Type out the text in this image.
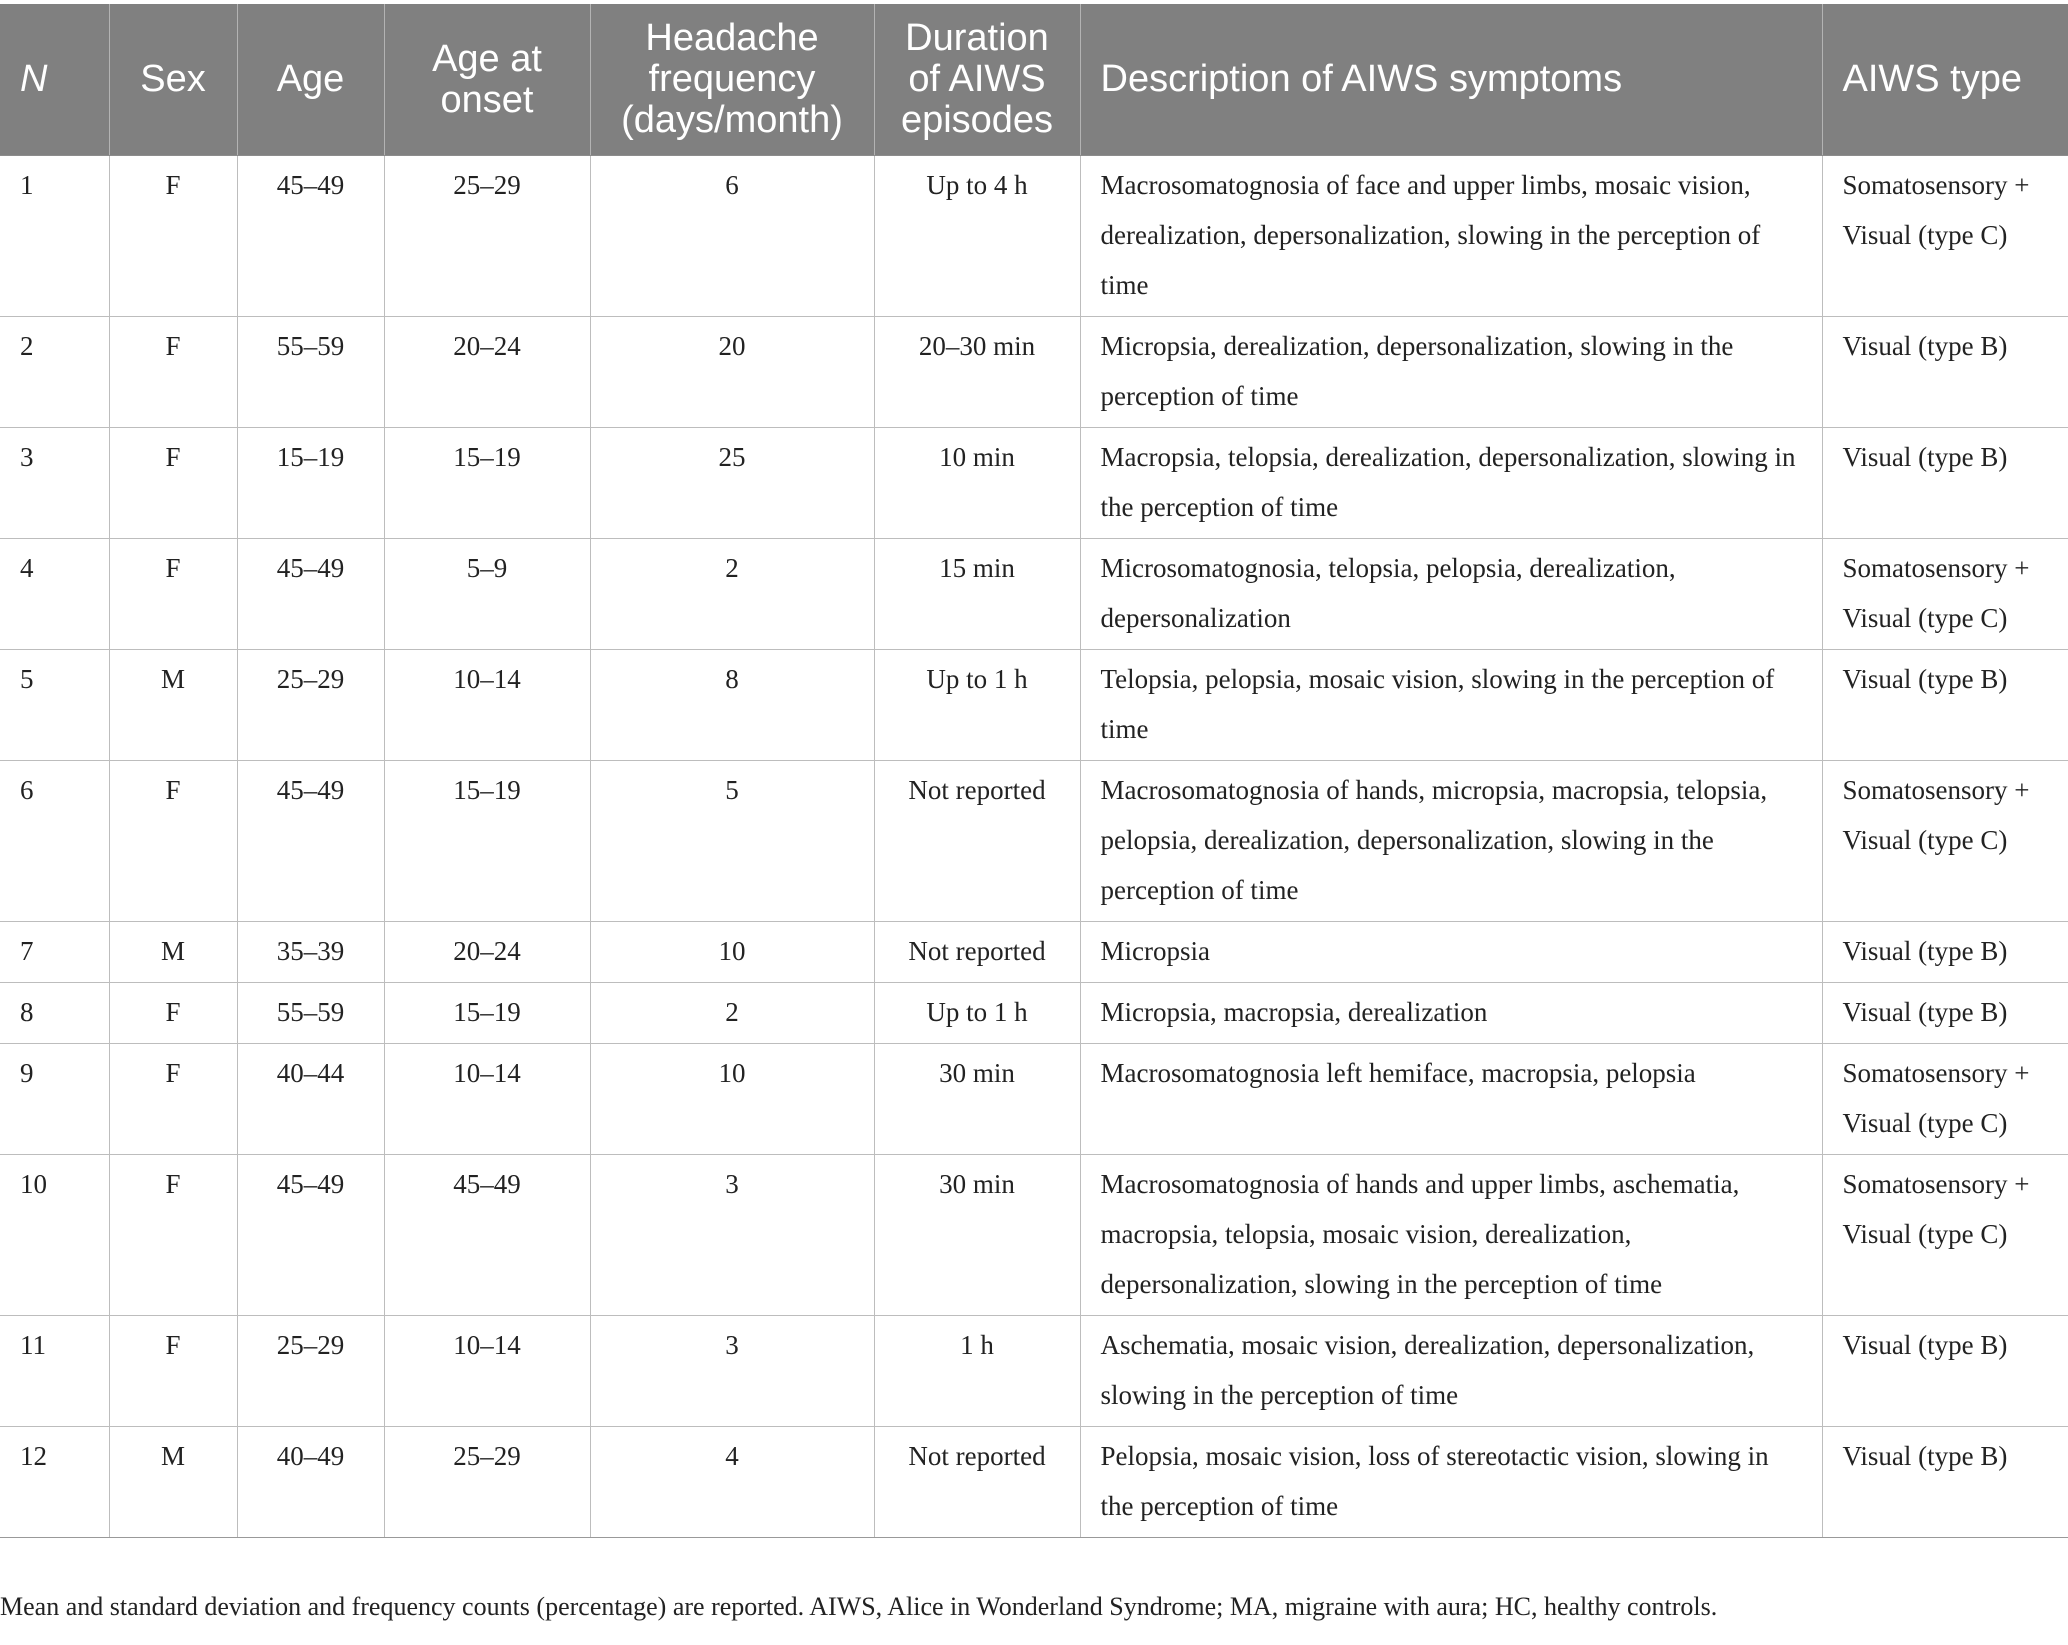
N	Sex	Age	Age at onset	Headache frequency (days/month)	Duration of AIWS episodes	Description of AIWS symptoms	AIWS type
1	F	45–49	25–29	6	Up to 4 h	Macrosomatognosia of face and upper limbs, mosaic vision, derealization, depersonalization, slowing in the perception of time	Somatosensory + Visual (type C)
2	F	55–59	20–24	20	20–30 min	Micropsia, derealization, depersonalization, slowing in the perception of time	Visual (type B)
3	F	15–19	15–19	25	10 min	Macropsia, telopsia, derealization, depersonalization, slowing in the perception of time	Visual (type B)
4	F	45–49	5–9	2	15 min	Microsomatognosia, telopsia, pelopsia, derealization, depersonalization	Somatosensory + Visual (type C)
5	M	25–29	10–14	8	Up to 1 h	Telopsia, pelopsia, mosaic vision, slowing in the perception of time	Visual (type B)
6	F	45–49	15–19	5	Not reported	Macrosomatognosia of hands, micropsia, macropsia, telopsia, pelopsia, derealization, depersonalization, slowing in the perception of time	Somatosensory + Visual (type C)
7	M	35–39	20–24	10	Not reported	Micropsia	Visual (type B)
8	F	55–59	15–19	2	Up to 1 h	Micropsia, macropsia, derealization	Visual (type B)
9	F	40–44	10–14	10	30 min	Macrosomatognosia left hemiface, macropsia, pelopsia	Somatosensory + Visual (type C)
10	F	45–49	45–49	3	30 min	Macrosomatognosia of hands and upper limbs, aschematia, macropsia, telopsia, mosaic vision, derealization, depersonalization, slowing in the perception of time	Somatosensory + Visual (type C)
11	F	25–29	10–14	3	1 h	Aschematia, mosaic vision, derealization, depersonalization, slowing in the perception of time	Visual (type B)
12	M	40–49	25–29	4	Not reported	Pelopsia, mosaic vision, loss of stereotactic vision, slowing in the perception of time	Visual (type B)
Mean and standard deviation and frequency counts (percentage) are reported. AIWS, Alice in Wonderland Syndrome; MA, migraine with aura; HC, healthy controls.
